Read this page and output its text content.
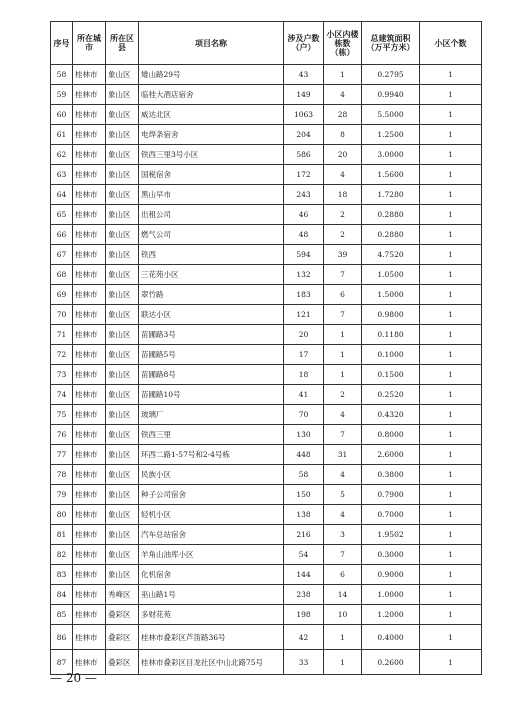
序号	所在城市	所在区县	项目名称	涉及户数（户）	小区内楼栋数（栋）	总建筑面积（万平方米）	小区个数
58	桂林市	象山区	雉山路29号	43	1	0.2795	1
59	桂林市	象山区	临桂大酒店宿舍	149	4	0.9940	1
60	桂林市	象山区	威达北区	1063	28	5.5000	1
61	桂林市	象山区	电焊条宿舍	204	8	1.2500	1
62	桂林市	象山区	铁西三里3号小区	586	20	3.0000	1
63	桂林市	象山区	国税宿舍	172	4	1.5600	1
64	桂林市	象山区	黑山早市	243	18	1.7280	1
65	桂林市	象山区	出租公司	46	2	0.2880	1
66	桂林市	象山区	燃气公司	48	2	0.2880	1
67	桂林市	象山区	铁西	594	39	4.7520	1
68	桂林市	象山区	三花苑小区	132	7	1.0500	1
69	桂林市	象山区	翠竹路	183	6	1.5000	1
70	桂林市	象山区	联达小区	121	7	0.9800	1
71	桂林市	象山区	苗圃路3号	20	1	0.1180	1
72	桂林市	象山区	苗圃路5号	17	1	0.1000	1
73	桂林市	象山区	苗圃路8号	18	1	0.1500	1
74	桂林市	象山区	苗圃路10号	41	2	0.2520	1
75	桂林市	象山区	玻璃厂	70	4	0.4320	1
76	桂林市	象山区	铁西三里	130	7	0.8000	1
77	桂林市	象山区	环西二路1-57号和2-4号栋	448	31	2.6000	1
78	桂林市	象山区	民族小区	58	4	0.3800	1
79	桂林市	象山区	种子公司宿舍	150	5	0.7900	1
80	桂林市	象山区	轻机小区	138	4	0.7000	1
81	桂林市	象山区	汽车总站宿舍	216	3	1.9502	1
82	桂林市	象山区	羊角山油库小区	54	7	0.3000	1
83	桂林市	象山区	化机宿舍	144	6	0.9000	1
84	桂林市	秀峰区	巫山路1号	238	14	1.0000	1
85	桂林市	叠彩区	多财花苑	198	10	1.2000	1
86	桂林市	叠彩区	桂林市叠彩区芦笛路36号	42	1	0.4000	1
87	桂林市	叠彩区	桂林市叠彩区目龙社区中山北路75号	33	1	0.2600	1
— 20 —
